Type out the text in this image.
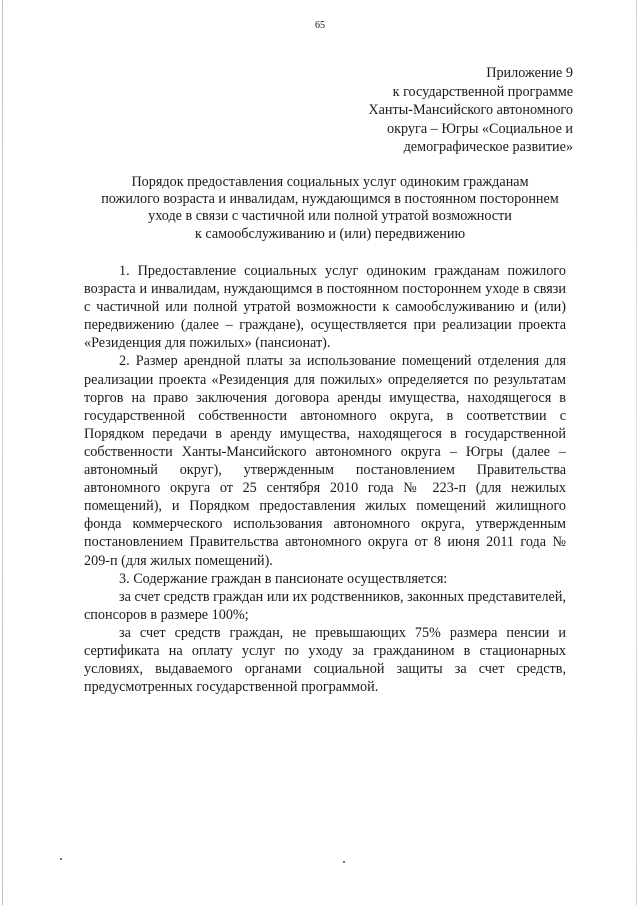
65
Приложение 9
к государственной программе
Ханты-Мансийского автономного
округа – Югры «Социальное и
демографическое развитие»
Порядок предоставления социальных услуг одиноким гражданам
пожилого возраста и инвалидам, нуждающимся в постоянном постороннем
уходе в связи с частичной или полной утратой возможности
к самообслуживанию и (или) передвижению

1. Предоставление социальных услуг одиноким гражданам пожилого возраста и инвалидам, нуждающимся в постоянном постороннем уходе в связи с частичной или полной утратой возможности к самообслуживанию и (или) передвижению (далее – граждане), осуществляется при реализации проекта «Резиденция для пожилых» (пансионат).

2. Размер арендной платы за использование помещений отделения для реализации проекта «Резиденция для пожилых» определяется по результатам торгов на право заключения договора аренды имущества, находящегося в государственной собственности автономного округа, в соответствии с Порядком передачи в аренду имущества, находящегося в государственной собственности Ханты-Мансийского автономного округа – Югры (далее – автономный округ), утвержденным постановлением Правительства автономного округа от 25 сентября 2010 года № 223-п (для нежилых помещений), и Порядком предоставления жилых помещений жилищного фонда коммерческого использования автономного округа, утвержденным постановлением Правительства автономного округа от 8 июня 2011 года № 209-п (для жилых помещений).

3. Содержание граждан в пансионате осуществляется:

за счет средств граждан или их родственников, законных представителей, спонсоров в размере 100%;

за счет средств граждан, не превышающих 75% размера пенсии и сертификата на оплату услуг по уходу за гражданином в стационарных условиях, выдаваемого органами социальной защиты за счет средств, предусмотренных государственной программой.
